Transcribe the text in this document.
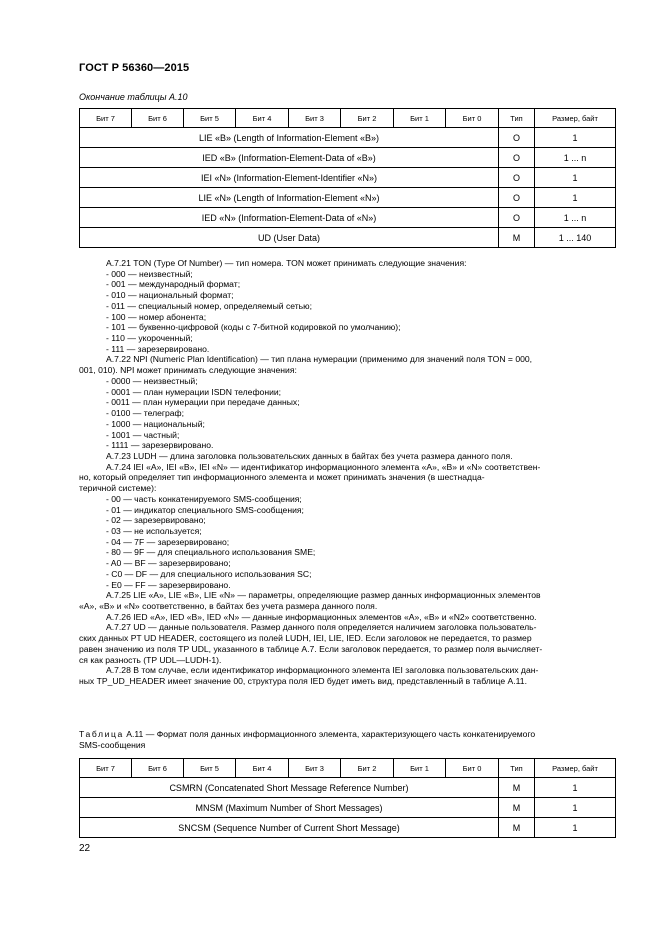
ГОСТ Р 56360—2015
Окончание таблицы А.10
Бит 7	Бит 6	Бит 5	Бит 4	Бит 3	Бит 2	Бит 1	Бит 0	Тип	Размер, байт
LIE «B» (Length of Information-Element «B»)								O	1
IED «B» (Information-Element-Data of «B»)								O	1 ... n
IEI «N» (Information-Element-Identifier «N»)								O	1
LIE «N» (Length of Information-Element «N»)								O	1
IED «N» (Information-Element-Data of «N»)								O	1 ... n
UD (User Data)								M	1 ... 140

А.7.21 TON (Type Of Number) — тип номера. TON может принимать следующие значения:

- 000 — неизвестный;

- 001 — международный формат;

- 010 — национальный формат;

- 011 — специальный номер, определяемый сетью;

- 100 — номер абонента;

- 101 — буквенно-цифровой (коды с 7-битной кодировкой по умолчанию);

- 110 — укороченный;

- 111 — зарезервировано.

А.7.22 NPI (Numeric Plan Identification) — тип плана нумерации (применимо для значений поля TON = 000,

001, 010). NPI может принимать следующие значения:

- 0000 — неизвестный;

- 0001 — план нумерации ISDN телефонии;

- 0011 — план нумерации при передаче данных;

- 0100 — телеграф;

- 1000 — национальный;

- 1001 — частный;

- 1111 — зарезервировано.

А.7.23 LUDH — длина заголовка пользовательских данных в байтах без учета размера данного поля.

А.7.24 IEI «A», IEI «B», IEI «N» — идентификатор информационного элемента «A», «B» и «N» соответствен-

но, который определяет тип информационного элемента и может принимать значения (в шестнадца-

теричной системе):

- 00 — часть конкатенируемого SMS-сообщения;

- 01 — индикатор специального SMS-сообщения;

- 02 — зарезервировано;

- 03 — не используется;

- 04 — 7F — зарезервировано;

- 80 — 9F — для специального использования SME;

- A0 — BF — зарезервировано;

- C0 — DF — для специального использования SC;

- E0 — FF — зарезервировано.

А.7.25 LIE «A», LIE «B», LIE «N» — параметры, определяющие размер данных информационных элементов

«A», «B» и «N» соответственно, в байтах без учета размера данного поля.

А.7.26 IED «A», IED «B», IED «N» — данные информационных элементов «A», «B» и «N2» соответственно.

А.7.27 UD — данные пользователя. Размер данного поля определяется наличием заголовка пользователь-

ских данных PT UD HEADER, состоящего из полей LUDH, IEI, LIE, IED. Если заголовок не передается, то размер

равен значению из поля TP UDL, указанного в таблице А.7. Если заголовок передается, то размер поля вычисляет-

ся как разность (TP UDL—LUDH-1).

А.7.28 В том случае, если идентификатор информационного элемента IEI заголовка пользовательских дан-

ных TP_UD_HEADER имеет значение 00, структура поля IED будет иметь вид, представленный в таблице А.11.

Таблица А.11 — Формат поля данных информационного элемента, характеризующего часть конкатенируемого
SMS-сообщения
Бит 7	Бит 6	Бит 5	Бит 4	Бит 3	Бит 2	Бит 1	Бит 0	Тип	Размер, байт
CSMRN (Concatenated Short Message Reference Number)								M	1
MNSM (Maximum Number of Short Messages)								M	1
SNCSM (Sequence Number of Current Short Message)								M	1
22
